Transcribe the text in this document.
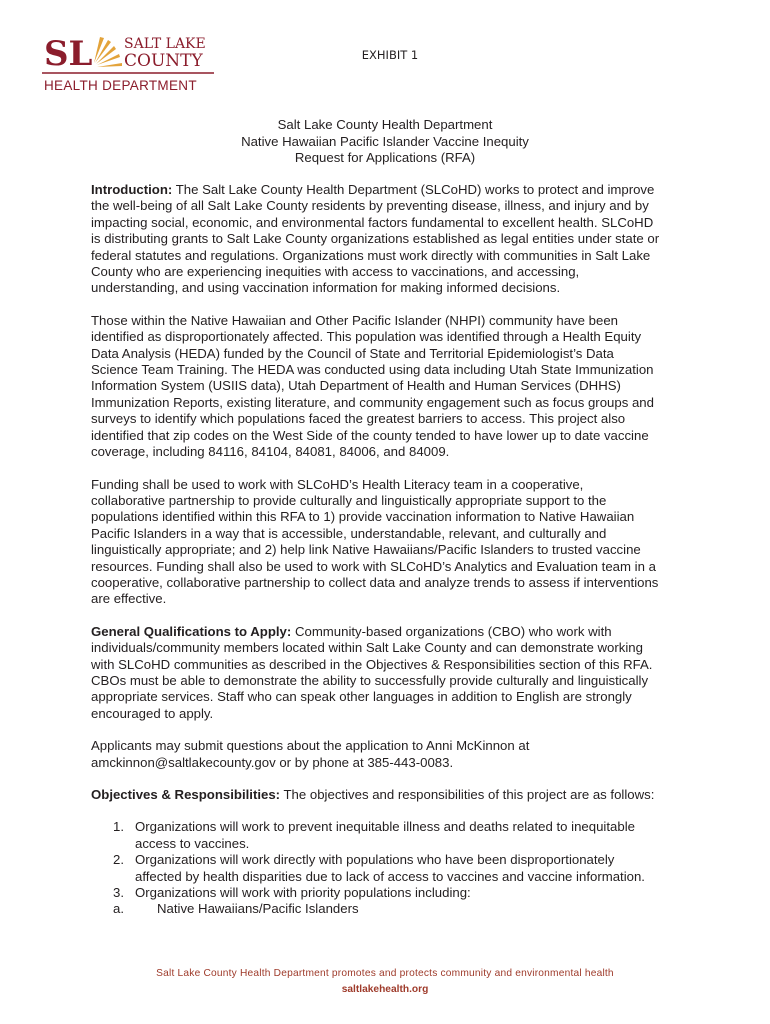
SL SALT LAKE
COUNTY
HEALTH DEPARTMENT
EXHIBIT 1
Salt Lake County Health Department
Native Hawaiian Pacific Islander Vaccine Inequity
Request for Applications (RFA)

Introduction: The Salt Lake County Health Department (SLCoHD) works to protect and improve the well-being of all Salt Lake County residents by preventing disease, illness, and injury and by impacting social, economic, and environmental factors fundamental to excellent health. SLCoHD is distributing grants to Salt Lake County organizations established as legal entities under state or federal statutes and regulations. Organizations must work directly with communities in Salt Lake County who are experiencing inequities with access to vaccinations, and accessing, understanding, and using vaccination information for making informed decisions.

Those within the Native Hawaiian and Other Pacific Islander (NHPI) community have been identified as disproportionately affected. This population was identified through a Health Equity Data Analysis (HEDA) funded by the Council of State and Territorial Epidemiologist’s Data Science Team Training. The HEDA was conducted using data including Utah State Immunization Information System (USIIS data), Utah Department of Health and Human Services (DHHS) Immunization Reports, existing literature, and community engagement such as focus groups and surveys to identify which populations faced the greatest barriers to access. This project also identified that zip codes on the West Side of the county tended to have lower up to date vaccine coverage, including 84116, 84104, 84081, 84006, and 84009.

Funding shall be used to work with SLCoHD’s Health Literacy team in a cooperative, collaborative partnership to provide culturally and linguistically appropriate support to the populations identified within this RFA to 1) provide vaccination information to Native Hawaiian Pacific Islanders in a way that is accessible, understandable, relevant, and culturally and linguistically appropriate; and 2) help link Native Hawaiians/Pacific Islanders to trusted vaccine resources. Funding shall also be used to work with SLCoHD’s Analytics and Evaluation team in a cooperative, collaborative partnership to collect data and analyze trends to assess if interventions are effective.

General Qualifications to Apply: Community-based organizations (CBO) who work with individuals/community members located within Salt Lake County and can demonstrate working with SLCoHD communities as described in the Objectives & Responsibilities section of this RFA. CBOs must be able to demonstrate the ability to successfully provide culturally and linguistically appropriate services. Staff who can speak other languages in addition to English are strongly encouraged to apply.

Applicants may submit questions about the application to Anni McKinnon at
amckinnon@saltlakecounty.gov or by phone at 385-443-0083.

Objectives & Responsibilities: The objectives and responsibilities of this project are as follows:

1. Organizations will work to prevent inequitable illness and deaths related to inequitable access to vaccines.
2. Organizations will work directly with populations who have been disproportionately affected by health disparities due to lack of access to vaccines and vaccine information.
3. Organizations will work with priority populations including:
a.	Native Hawaiians/Pacific Islanders
Salt Lake County Health Department promotes and protects community and environmental health
saltlakehealth.org
